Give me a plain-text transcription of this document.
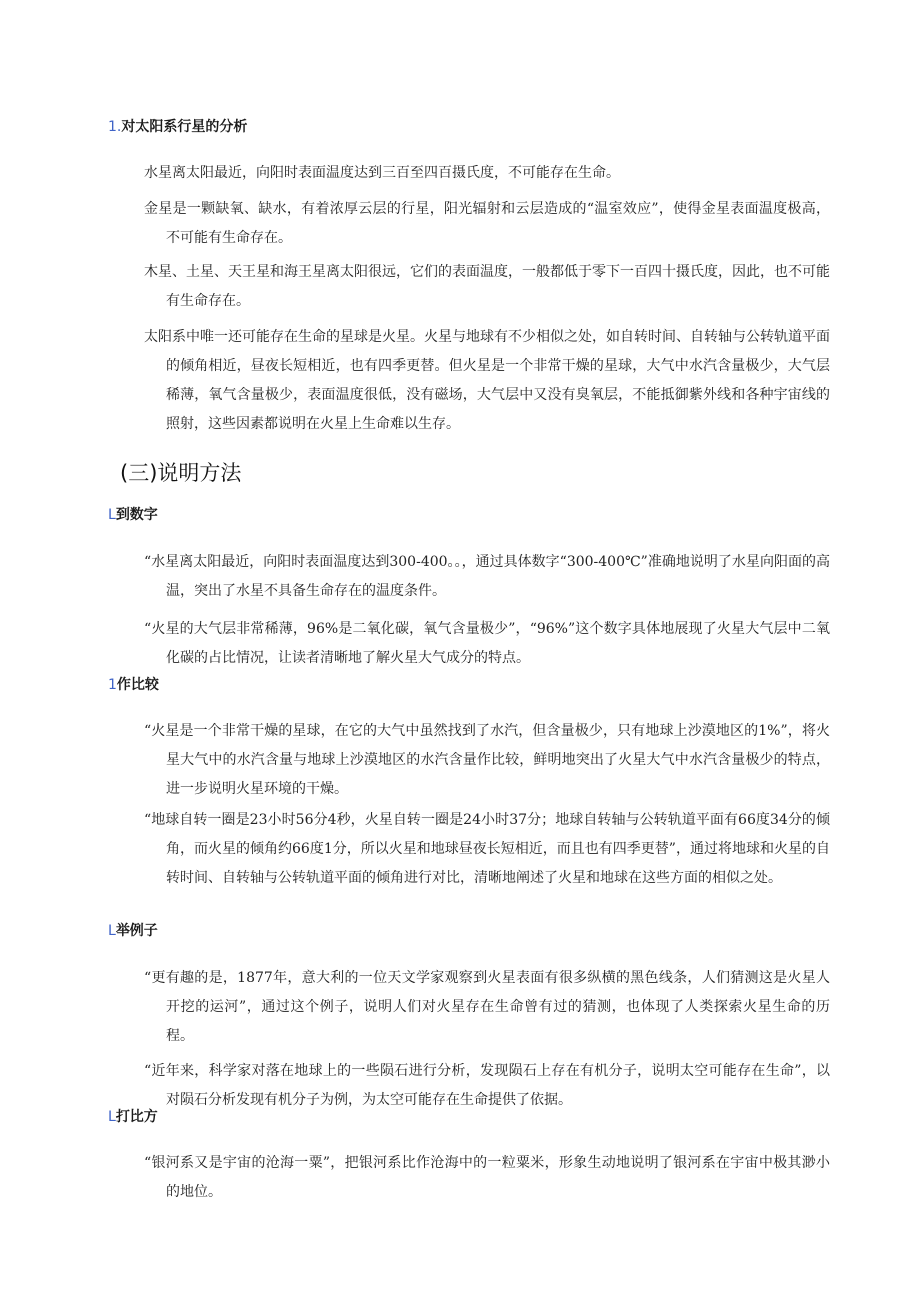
1.对太阳系行星的分析

水星离太阳最近，向阳时表面温度达到三百至四百摄氏度，不可能存在生命。

金星是一颗缺氧、缺水，有着浓厚云层的行星，阳光辐射和云层造成的“温室效应”，使得金星表面温度极高，不可能有生命存在。

木星、土星、天王星和海王星离太阳很远，它们的表面温度，一般都低于零下一百四十摄氏度，因此，也不可能有生命存在。

太阳系中唯一还可能存在生命的星球是火星。火星与地球有不少相似之处，如自转时间、自转轴与公转轨道平面的倾角相近，昼夜长短相近，也有四季更替。但火星是一个非常干燥的星球，大气中水汽含量极少，大气层稀薄，氧气含量极少，表面温度很低，没有磁场，大气层中又没有臭氧层，不能抵御紫外线和各种宇宙线的照射，这些因素都说明在火星上生命难以生存。

(三)说明方法
L到数字

“水星离太阳最近，向阳时表面温度达到300-400。。，通过具体数字“300-400℃”准确地说明了水星向阳面的高温，突出了水星不具备生命存在的温度条件。

“火星的大气层非常稀薄，96%是二氧化碳，氧气含量极少”，“96%”这个数字具体地展现了火星大气层中二氧化碳的占比情况，让读者清晰地了解火星大气成分的特点。

1作比较

“火星是一个非常干燥的星球，在它的大气中虽然找到了水汽，但含量极少，只有地球上沙漠地区的1%”，将火星大气中的水汽含量与地球上沙漠地区的水汽含量作比较，鲜明地突出了火星大气中水汽含量极少的特点，进一步说明火星环境的干燥。

“地球自转一圈是23小时56分4秒，火星自转一圈是24小时37分；地球自转轴与公转轨道平面有66度34分的倾角，而火星的倾角约66度1分，所以火星和地球昼夜长短相近，而且也有四季更替”，通过将地球和火星的自转时间、自转轴与公转轨道平面的倾角进行对比，清晰地阐述了火星和地球在这些方面的相似之处。

L举例子

“更有趣的是，1877年，意大利的一位天文学家观察到火星表面有很多纵横的黑色线条，人们猜测这是火星人开挖的运河”，通过这个例子，说明人们对火星存在生命曾有过的猜测，也体现了人类探索火星生命的历程。

“近年来，科学家对落在地球上的一些陨石进行分析，发现陨石上存在有机分子，说明太空可能存在生命”，以对陨石分析发现有机分子为例，为太空可能存在生命提供了依据。

L打比方

“银河系又是宇宙的沧海一粟”，把银河系比作沧海中的一粒粟米，形象生动地说明了银河系在宇宙中极其渺小的地位。
